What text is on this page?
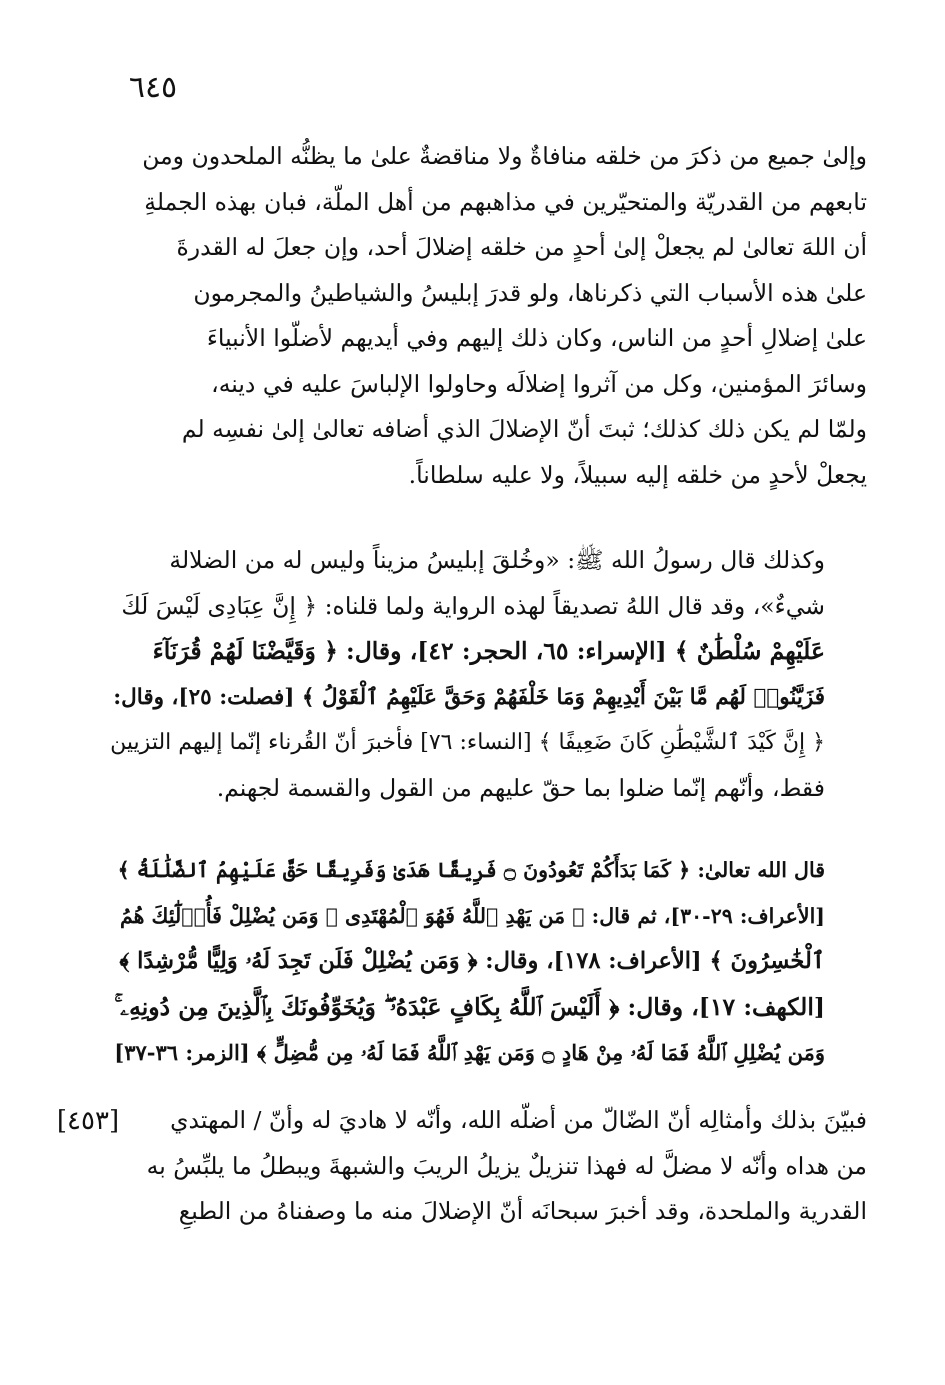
٦٤٥
وإلىٰ جميع من ذكرَ من خلقه منافاةٌ ولا مناقضةٌ علىٰ ما يظنُّه الملحدون ومن
تابعهم من القدريّة والمتحيّرين في مذاهبهم من أهل الملّة، فبان بهذه الجملةِ
أن اللهَ تعالىٰ لم يجعلْ إلىٰ أحدٍ من خلقه إضلالَ أحد، وإن جعلَ له القدرةَ
علىٰ هذه الأسباب التي ذكرناها، ولو قدرَ إبليسُ والشياطينُ والمجرمون
علىٰ إضلالِ أحدٍ من الناس، وكان ذلك إليهم وفي أيديهم لأضلّوا الأنبياءَ
وسائرَ المؤمنين، وكل من آثروا إضلالَه وحاولوا الإلباسَ عليه في دينه،
ولمّا لم يكن ذلك كذلك؛ ثبتَ أنّ الإضلالَ الذي أضافه تعالىٰ إلىٰ نفسِه لم
يجعلْ لأحدٍ من خلقه إليه سبيلاً، ولا عليه سلطاناً.
وكذلك قال رسولُ الله ﷺ: «وخُلقَ إبليسُ مزيناً وليس له من الضلالة
شيءٌ»، وقد قال اللهُ تصديقاً لهذه الرواية ولما قلناه: ﴿ إِنَّ عِبَادِى لَيْسَ لَكَ
عَلَيْهِمْ سُلْطَٰنٌ ﴾ [الإسراء: ٦٥، الحجر: ٤٢]، وقال: ﴿ وَقَيَّضْنَا لَهُمْ قُرَنَآءَ
فَزَيَّنُوا۟ لَهُم مَّا بَيْنَ أَيْدِيهِمْ وَمَا خَلْفَهُمْ وَحَقَّ عَلَيْهِمُ ٱلْقَوْلُ ﴾ [فصلت: ٢٥]، وقال:
﴿ إِنَّ كَيْدَ ٱلشَّيْطَٰنِ كَانَ ضَعِيفًا ﴾ [النساء: ٧٦] فأخبرَ أنّ القُرناء إنّما إليهم التزيين
فقط، وأنّهم إنّما ضلوا بما حقّ عليهم من القول والقسمة لجهنم.
قال الله تعالىٰ: ﴿ كَمَا بَدَأَكُمْ تَعُودُونَ ۝ فَرِيقًا هَدَىٰ وَفَرِيقًا حَقَّ عَلَيْهِمُ ٱلضَّلَٰلَةُ ﴾
[الأعراف: ٢٩-٣٠]، ثم قال: ﴿ مَن يَهْدِ ٱللَّهُ فَهُوَ ٱلْمُهْتَدِى ۖ وَمَن يُضْلِلْ فَأُو۟لَٰٓئِكَ هُمُ
ٱلْخَٰسِرُونَ ﴾ [الأعراف: ١٧٨]، وقال: ﴿ وَمَن يُضْلِلْ فَلَن تَجِدَ لَهُۥ وَلِيًّا مُّرْشِدًا ﴾
[الكهف: ١٧]، وقال: ﴿ أَلَيْسَ ٱللَّهُ بِكَافٍ عَبْدَهُۥ ۖ وَيُخَوِّفُونَكَ بِٱلَّذِينَ مِن دُونِهِۦ ۚ
وَمَن يُضْلِلِ ٱللَّهُ فَمَا لَهُۥ مِنْ هَادٍ ۝ وَمَن يَهْدِ ٱللَّهُ فَمَا لَهُۥ مِن مُّضِلٍّ ﴾ [الزمر: ٣٦-٣٧]
[٤٥٣]	فبيّنَ بذلك وأمثالِه أنّ الضّالّ من أضلّه الله، وأنّه لا هاديَ له وأنّ / المهتدي
من هداه وأنّه لا مضلَّ له فهذا تنزيلٌ يزيلُ الريبَ والشبهةَ ويبطلُ ما يلبِّسُ به
القدرية والملحدة، وقد أخبرَ سبحانَه أنّ الإضلالَ منه ما وصفناهُ من الطبعِ
